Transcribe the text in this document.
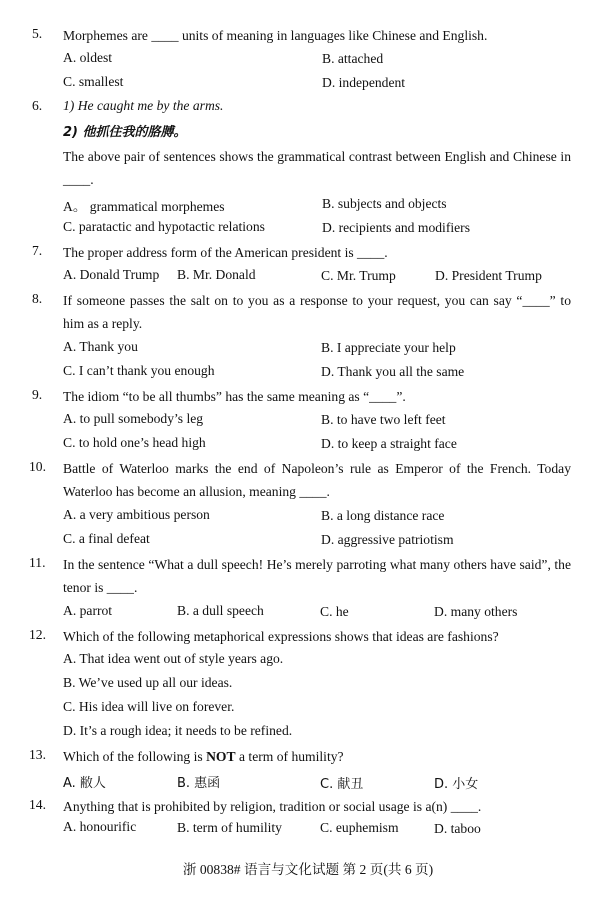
5. Morphemes are ____ units of meaning in languages like Chinese and English.
A. oldest	B. attached
C. smallest	D. independent
6. 1) He caught me by the arms.
2) 他抓住我的胳膊。
The above pair of sentences shows the grammatical contrast between English and Chinese in ____.
A。 grammatical morphemes	B. subjects and objects
C. paratactic and hypotactic relations	D. recipients and modifiers
7. The proper address form of the American president is ____.
A. Donald Trump B. Mr. Donald	C. Mr. Trump	D. President Trump
8. If someone passes the salt on to you as a response to your request, you can say “____” to him as a reply.
A. Thank you	B. I appreciate your help
C. I can’t thank you enough	D. Thank you all the same
9. The idiom “to be all thumbs” has the same meaning as “____”.
A. to pull somebody’s leg	B. to have two left feet
C. to hold one’s head high	D. to keep a straight face
10. Battle of Waterloo marks the end of Napoleon’s rule as Emperor of the French. Today Waterloo has become an allusion, meaning ____.
A. a very ambitious person	B. a long distance race
C. a final defeat	D. aggressive patriotism
11. In the sentence “What a dull speech! He’s merely parroting what many others have said”, the tenor is ____.
A. parrot	B. a dull speech	C. he	D. many others
12. Which of the following metaphorical expressions shows that ideas are fashions?
A. That idea went out of style years ago.
B. We’ve used up all our ideas.
C. His idea will live on forever.
D. It’s a rough idea; it needs to be refined.
13. Which of the following is NOT a term of humility?
A. 敝人	B. 惠函	C. 献丑	D. 小女
14. Anything that is prohibited by religion, tradition or social usage is a(n) ____.
A. honourific	B. term of humility	C. euphemism	D. taboo
浙 00838# 语言与文化试题 第 2 页(共 6 页)
